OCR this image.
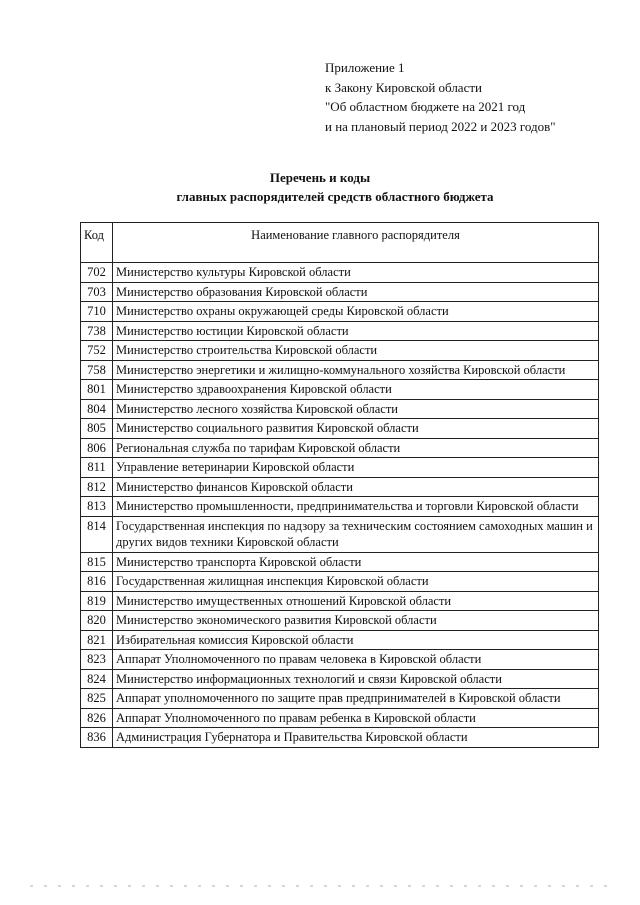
Приложение 1
к Закону Кировской области
"Об областном бюджете на 2021 год
и на плановый период 2022 и 2023 годов"
Перечень и коды
главных распорядителей средств областного бюджета
Код	Наименование главного распорядителя
702	Министерство культуры Кировской области
703	Министерство образования Кировской области
710	Министерство охраны окружающей среды Кировской области
738	Министерство юстиции Кировской области
752	Министерство строительства Кировской области
758	Министерство энергетики и жилищно-коммунального хозяйства Кировской области
801	Министерство здравоохранения Кировской области
804	Министерство лесного хозяйства Кировской области
805	Министерство социального развития Кировской области
806	Региональная служба по тарифам Кировской области
811	Управление ветеринарии Кировской области
812	Министерство финансов Кировской области
813	Министерство промышленности, предпринимательства и торговли Кировской области
814	Государственная инспекция по надзору за техническим состоянием самоходных машин и других видов техники Кировской области
815	Министерство транспорта Кировской области
816	Государственная жилищная инспекция Кировской области
819	Министерство имущественных отношений Кировской области
820	Министерство экономического развития Кировской области
821	Избирательная комиссия Кировской области
823	Аппарат Уполномоченного по правам человека в Кировской области
824	Министерство информационных технологий и связи Кировской области
825	Аппарат уполномоченного по защите прав предпринимателей в Кировской области
826	Аппарат Уполномоченного по правам ребенка в Кировской области
836	Администрация Губернатора и Правительства Кировской области
